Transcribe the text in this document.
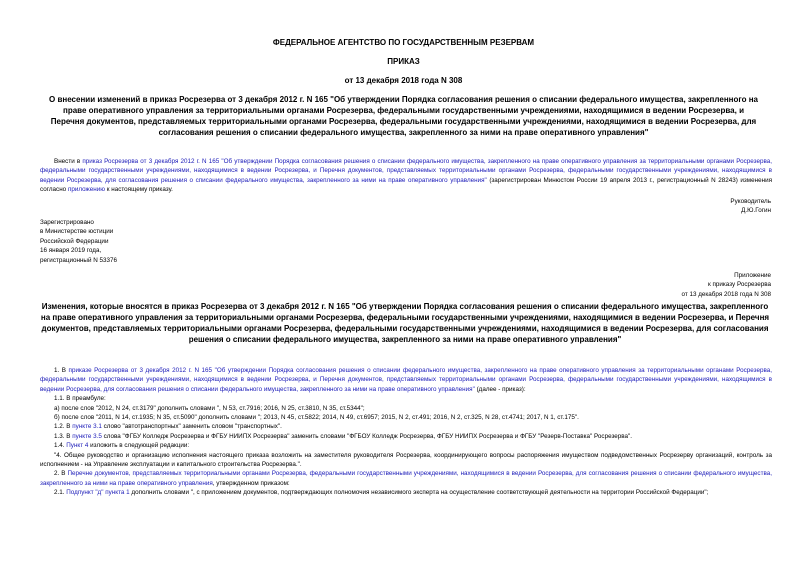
ФЕДЕРАЛЬНОЕ АГЕНТСТВО ПО ГОСУДАРСТВЕННЫМ РЕЗЕРВАМ
ПРИКАЗ
от 13 декабря 2018 года N 308
О внесении изменений в приказ Росрезерва от 3 декабря 2012 г. N 165 "Об утверждении Порядка согласования решения о списании федерального имущества, закрепленного на праве оперативного управления за территориальными органами Росрезерва, федеральными государственными учреждениями, находящимися в ведении Росрезерва, и Перечня документов, представляемых территориальными органами Росрезерва, федеральными государственными учреждениями, находящимися в ведении Росрезерва, для согласования решения о списании федерального имущества, закрепленного за ними на праве оперативного управления"
Внести в приказ Росрезерва от 3 декабря 2012 г. N 165 "Об утверждении Порядка согласования решения о списании федерального имущества, закрепленного на праве оперативного управления за территориальными органами Росрезерва, федеральными государственными учреждениями, находящимися в ведении Росрезерва, и Перечня документов, представляемых территориальными органами Росрезерва, федеральными государственными учреждениями, находящимися в ведении Росрезерва, для согласования решения о списании федерального имущества, закрепленного за ними на праве оперативного управления" (зарегистрирован Минюстом России 19 апреля 2013 г., регистрационный N 28243) изменения согласно приложению к настоящему приказу.
Руководитель
Д.Ю.Гогин
Зарегистрировано
в Министерстве юстиции
Российской Федерации
16 января 2019 года,
регистрационный N 53376
Приложение
к приказу Росрезерва
от 13 декабря 2018 года N 308
Изменения, которые вносятся в приказ Росрезерва от 3 декабря 2012 г. N 165 "Об утверждении Порядка согласования решения о списании федерального имущества, закрепленного на праве оперативного управления за территориальными органами Росрезерва, федеральными государственными учреждениями, находящимися в ведении Росрезерва, и Перечня документов, представляемых территориальными органами Росрезерва, федеральными государственными учреждениями, находящимися в ведении Росрезерва, для согласования решения о списании федерального имущества, закрепленного за ними на праве оперативного управления"
1. В приказе Росрезерва от 3 декабря 2012 г. N 165 "Об утверждении Порядка согласования решения о списании федерального имущества, закрепленного на праве оперативного управления за территориальными органами Росрезерва, федеральными государственными учреждениями, находящимися в ведении Росрезерва, и Перечня документов, представляемых территориальными органами Росрезерва, федеральными государственными учреждениями, находящимися в ведении Росрезерва, для согласования решения о списании федерального имущества, закрепленного за ними на праве оперативного управления" (далее - приказ):
1.1. В преамбуле:
а) после слов "2012, N 24, ст.3179" дополнить словами ", N 53, ст.7916; 2016, N 25, ст.3810, N 35, ст.5344";
б) после слов "2011, N 14, ст.1935; N 35, ст.5090" дополнить словами "; 2013, N 45, ст.5822; 2014, N 49, ст.6957; 2015, N 2, ст.491; 2016, N 2, ст.325, N 28, ст.4741; 2017, N 1, ст.175".
1.2. В пункте 3.1 слово "автотранспортных" заменить словом "транспортных".
1.3. В пункте 3.5 слова "ФГБУ Колледж Росрезерва и ФГБУ НИИПХ Росрезерва" заменить словами "ФГБОУ Колледж Росрезерва, ФГБУ НИИПХ Росрезерва и ФГБУ "Резерв-Поставка" Росрезерва".
1.4. Пункт 4 изложить в следующей редакции:
"4. Общее руководство и организацию исполнения настоящего приказа возложить на заместителя руководителя Росрезерва, координирующего вопросы распоряжения имуществом подведомственных Росрезерву организаций, контроль за исполнением - на Управление эксплуатации и капитального строительства Росрезерва.".
2. В Перечне документов, представляемых территориальными органами Росрезерва, федеральными государственными учреждениями, находящимися в ведении Росрезерва, для согласования решения о списании федерального имущества, закрепленного за ними на праве оперативного управления, утвержденном приказом:
2.1. Подпункт "д" пункта 1 дополнить словами ", с приложением документов, подтверждающих полномочия независимого эксперта на осуществление соответствующей деятельности на территории Российской Федерации";
